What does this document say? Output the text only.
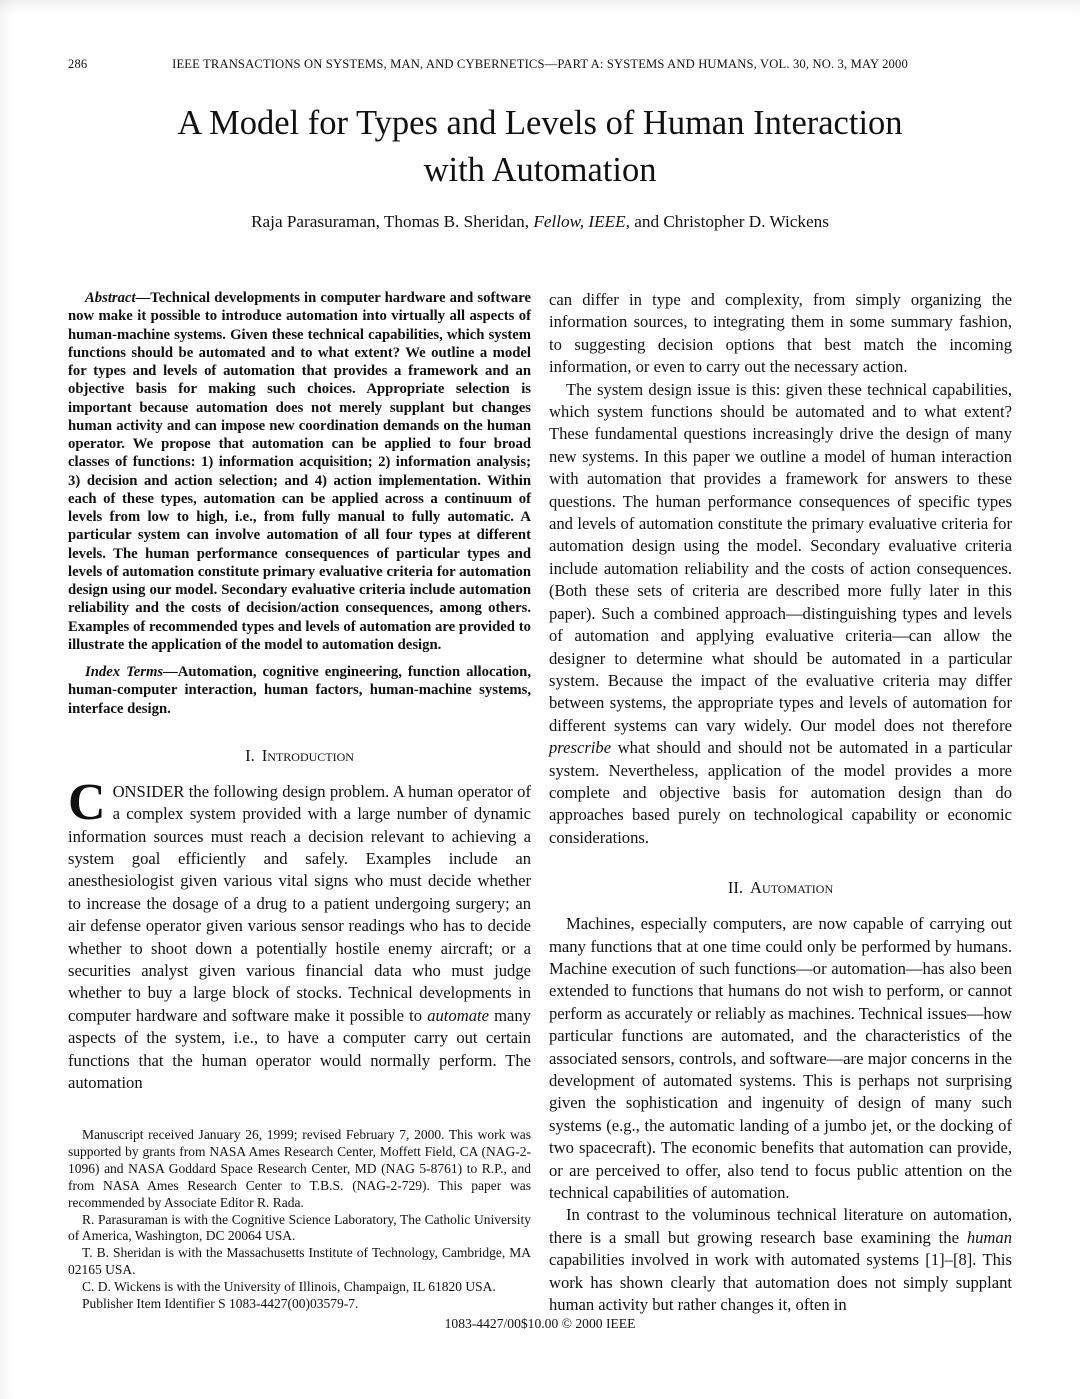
286	IEEE TRANSACTIONS ON SYSTEMS, MAN, AND CYBERNETICS—PART A: SYSTEMS AND HUMANS, VOL. 30, NO. 3, MAY 2000
A Model for Types and Levels of Human Interaction
with Automation
Raja Parasuraman, Thomas B. Sheridan, Fellow, IEEE, and Christopher D. Wickens

Abstract—Technical developments in computer hardware and software now make it possible to introduce automation into virtually all aspects of human-machine systems. Given these technical capabilities, which system functions should be automated and to what extent? We outline a model for types and levels of automation that provides a framework and an objective basis for making such choices. Appropriate selection is important because automation does not merely supplant but changes human activity and can impose new coordination demands on the human operator. We propose that automation can be applied to four broad classes of functions: 1) information acquisition; 2) information analysis; 3) decision and action selection; and 4) action implementation. Within each of these types, automation can be applied across a continuum of levels from low to high, i.e., from fully manual to fully automatic. A particular system can involve automation of all four types at different levels. The human performance consequences of particular types and levels of automation constitute primary evaluative criteria for automation design using our model. Secondary evaluative criteria include automation reliability and the costs of decision/action consequences, among others. Examples of recommended types and levels of automation are provided to illustrate the application of the model to automation design.

Index Terms—Automation, cognitive engineering, function allocation, human-computer interaction, human factors, human-machine systems, interface design.

I. Introduction

CONSIDER the following design problem. A human operator of a complex system provided with a large number of dynamic information sources must reach a decision relevant to achieving a system goal efficiently and safely. Examples include an anesthesiologist given various vital signs who must decide whether to increase the dosage of a drug to a patient undergoing surgery; an air defense operator given various sensor readings who has to decide whether to shoot down a potentially hostile enemy aircraft; or a securities analyst given various financial data who must judge whether to buy a large block of stocks. Technical developments in computer hardware and software make it possible to automate many aspects of the system, i.e., to have a computer carry out certain functions that the human operator would normally perform. The automation

Manuscript received January 26, 1999; revised February 7, 2000. This work was supported by grants from NASA Ames Research Center, Moffett Field, CA (NAG-2-1096) and NASA Goddard Space Research Center, MD (NAG 5-8761) to R.P., and from NASA Ames Research Center to T.B.S. (NAG-2-729). This paper was recommended by Associate Editor R. Rada.

R. Parasuraman is with the Cognitive Science Laboratory, The Catholic University of America, Washington, DC 20064 USA.

T. B. Sheridan is with the Massachusetts Institute of Technology, Cambridge, MA 02165 USA.

C. D. Wickens is with the University of Illinois, Champaign, IL 61820 USA.

Publisher Item Identifier S 1083-4427(00)03579-7.

can differ in type and complexity, from simply organizing the information sources, to integrating them in some summary fashion, to suggesting decision options that best match the incoming information, or even to carry out the necessary action.

The system design issue is this: given these technical capabilities, which system functions should be automated and to what extent? These fundamental questions increasingly drive the design of many new systems. In this paper we outline a model of human interaction with automation that provides a framework for answers to these questions. The human performance consequences of specific types and levels of automation constitute the primary evaluative criteria for automation design using the model. Secondary evaluative criteria include automation reliability and the costs of action consequences. (Both these sets of criteria are described more fully later in this paper). Such a combined approach—distinguishing types and levels of automation and applying evaluative criteria—can allow the designer to determine what should be automated in a particular system. Because the impact of the evaluative criteria may differ between systems, the appropriate types and levels of automation for different systems can vary widely. Our model does not therefore prescribe what should and should not be automated in a particular system. Nevertheless, application of the model provides a more complete and objective basis for automation design than do approaches based purely on technological capability or economic considerations.

II. Automation

Machines, especially computers, are now capable of carrying out many functions that at one time could only be performed by humans. Machine execution of such functions—or automation—has also been extended to functions that humans do not wish to perform, or cannot perform as accurately or reliably as machines. Technical issues—how particular functions are automated, and the characteristics of the associated sensors, controls, and software—are major concerns in the development of automated systems. This is perhaps not surprising given the sophistication and ingenuity of design of many such systems (e.g., the automatic landing of a jumbo jet, or the docking of two spacecraft). The economic benefits that automation can provide, or are perceived to offer, also tend to focus public attention on the technical capabilities of automation.

In contrast to the voluminous technical literature on automation, there is a small but growing research base examining the human capabilities involved in work with automated systems [1]–[8]. This work has shown clearly that automation does not simply supplant human activity but rather changes it, often in

1083-4427/00$10.00 © 2000 IEEE
